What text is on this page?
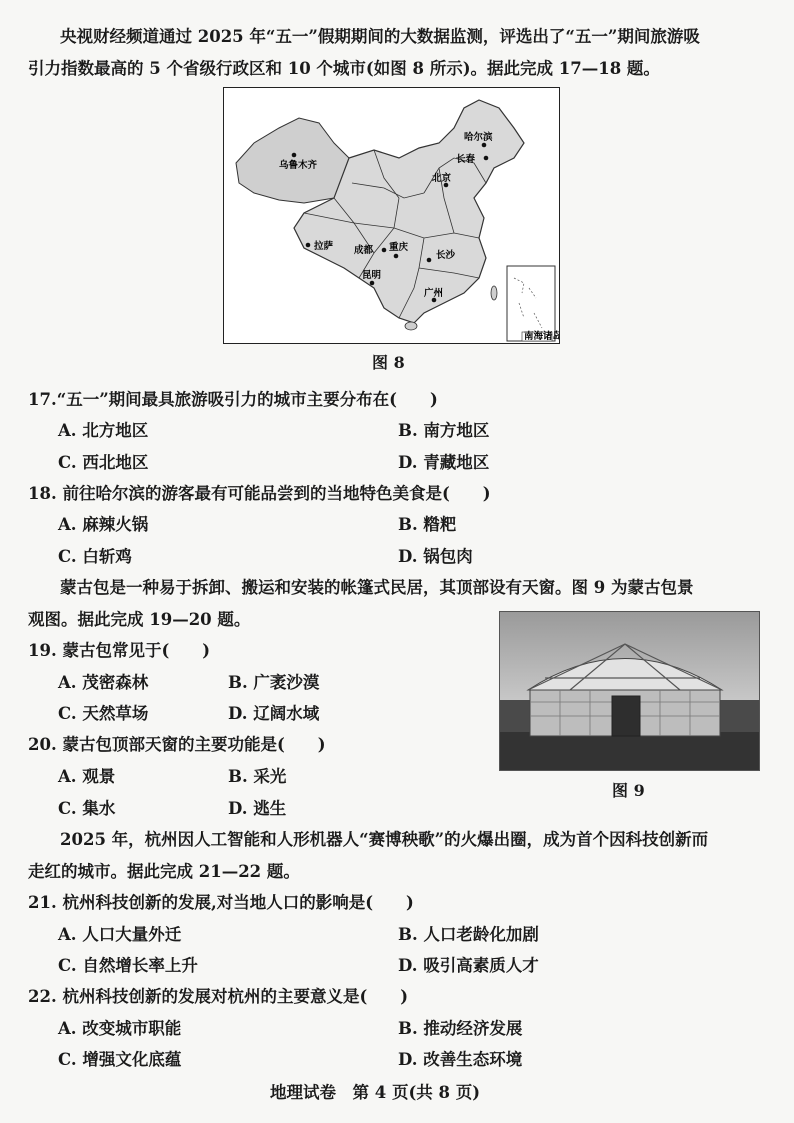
央视财经频道通过 2025 年“五一”假期期间的大数据监测，评选出了“五一”期间旅游吸
引力指数最高的 5 个省级行政区和 10 个城市(如图 8 所示)。据此完成 17—18 题。
南海诸岛
乌鲁木齐
哈尔滨
长春
北京
拉萨 成都 重庆
长沙
昆明
广州
图 8
17.“五一”期间最具旅游吸引力的城市主要分布在(　　)
A. 北方地区	B. 南方地区
C. 西北地区	D. 青藏地区
18. 前往哈尔滨的游客最有可能品尝到的当地特色美食是(　　)
A. 麻辣火锅	B. 糌粑
C. 白斩鸡	D. 锅包肉
蒙古包是一种易于拆卸、搬运和安装的帐篷式民居，其顶部设有天窗。图 9 为蒙古包景
观图。据此完成 19—20 题。
图 9
19. 蒙古包常见于(　　)
A. 茂密森林	B. 广袤沙漠
C. 天然草场	D. 辽阔水域
20. 蒙古包顶部天窗的主要功能是(　　)
A. 观景	B. 采光
C. 集水	D. 逃生
2025 年，杭州因人工智能和人形机器人“赛博秧歌”的火爆出圈，成为首个因科技创新而
走红的城市。据此完成 21—22 题。
21. 杭州科技创新的发展,对当地人口的影响是(　　)
A. 人口大量外迁	B. 人口老龄化加剧
C. 自然增长率上升	D. 吸引高素质人才
22. 杭州科技创新的发展对杭州的主要意义是(　　)
A. 改变城市职能	B. 推动经济发展
C. 增强文化底蕴	D. 改善生态环境
地理试卷　第 4 页(共 8 页)
